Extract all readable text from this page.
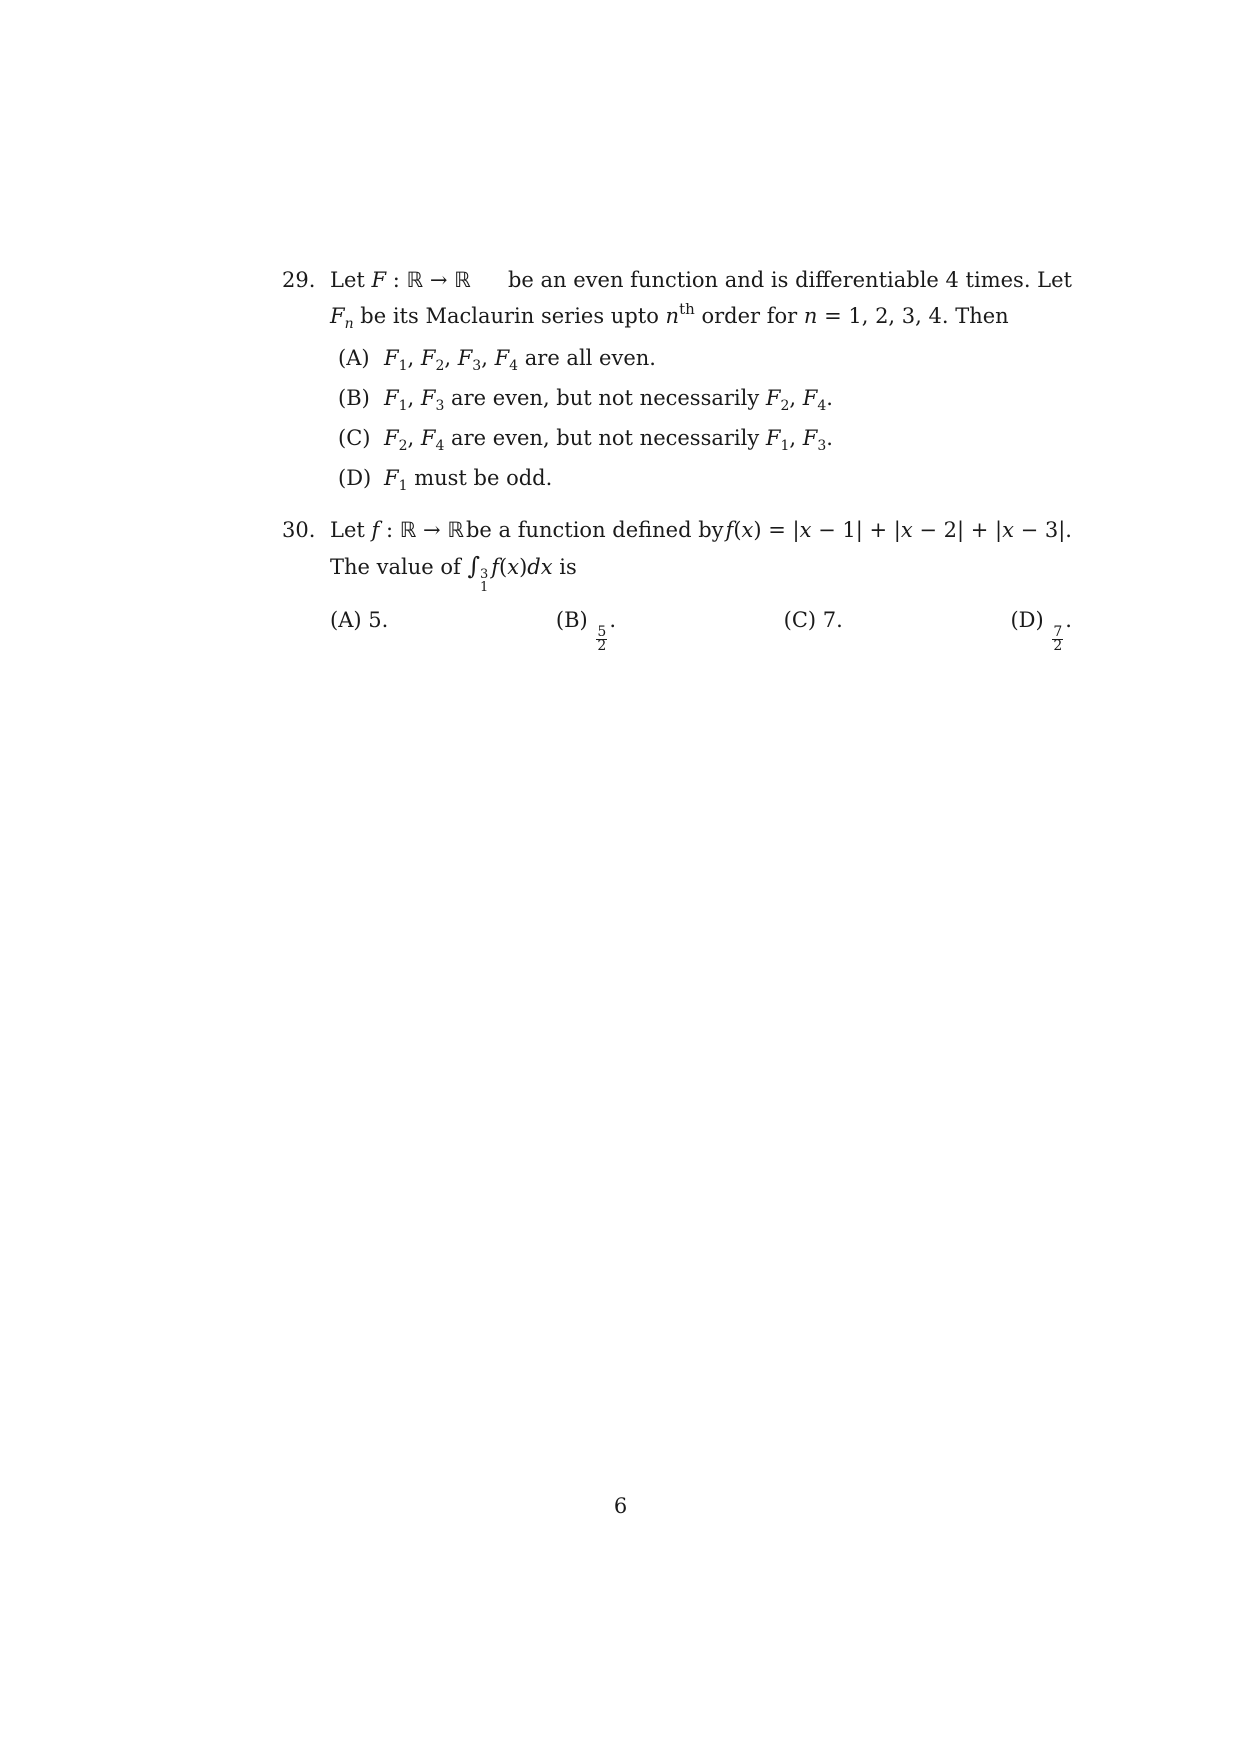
29. Let F : ℝ → ℝ be an even function and is differentiable 4 times. Let
$F_n$ be its Maclaurin series upto $n^{th}$ order for n = 1, 2, 3, 4. Then
(A) $F_1$, $F_2$, $F_3$, $F_4$ are all even.
(B) $F_1$, $F_3$ are even, but not necessarily $F_2$, $F_4$.
(C) $F_2$, $F_4$ are even, but not necessarily $F_1$, $F_3$.
(D) $F_1$ must be odd.
30. Let f : ℝ → ℝ be a function defined by f(x) = |x − 1| + |x − 2| + |x − 3|.
The value of ∫ 3
1
f(x)dx is
(A) 5.	(B)
$\frac{5}{2}$
.	(C) 7.	(D)
$\frac{7}{2}$
.
6
